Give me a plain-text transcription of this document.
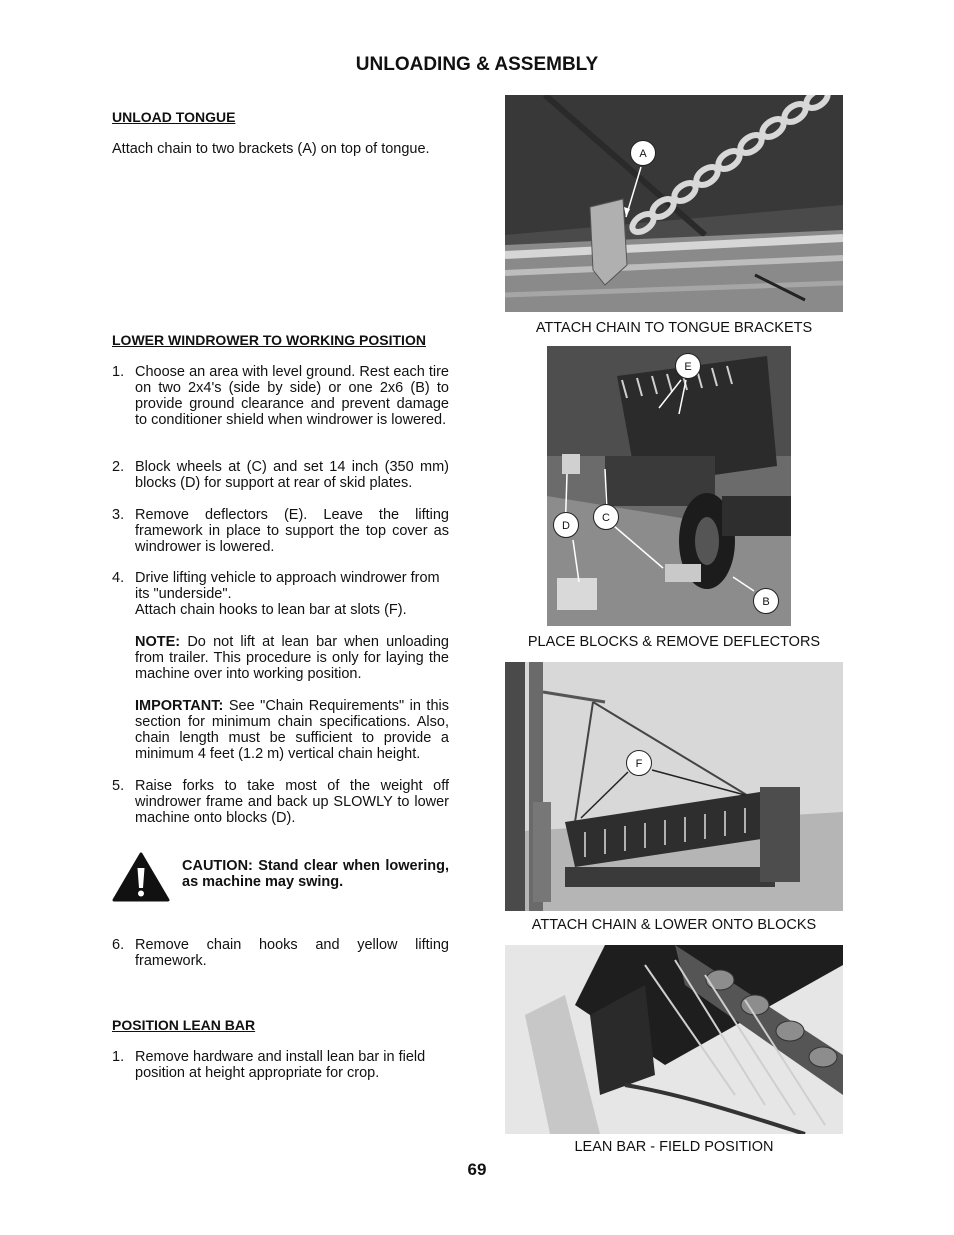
UNLOADING & ASSEMBLY
UNLOAD TONGUE
Attach chain to two brackets (A) on top of tongue.
LOWER WINDROWER TO WORKING POSITION
1. Choose an area with level ground. Rest each tire on two 2x4's (side by side) or one 2x6 (B) to provide ground clearance and prevent damage to conditioner shield when windrower is lowered.

2. Block wheels at (C) and set 14 inch (350 mm) blocks (D) for support at rear of skid plates.

3. Remove deflectors (E). Leave the lifting framework in place to support the top cover as windrower is lowered.

4. Drive lifting vehicle to approach windrower from its "underside".
Attach chain hooks to lean bar at slots (F).

NOTE: Do not lift at lean bar when unloading from trailer. This procedure is only for laying the machine over into working position.

IMPORTANT: See "Chain Requirements" in this section for minimum chain specifications. Also, chain length must be sufficient to provide a minimum 4 feet (1.2 m) vertical chain height.

5. Raise forks to take most of the weight off windrower frame and back up SLOWLY to lower machine onto blocks (D).

CAUTION: Stand clear when lowering, as machine may swing.
6. Remove chain hooks and yellow lifting framework.

POSITION LEAN BAR
1. Remove hardware and install lean bar in field position at height appropriate for crop.

A
ATTACH CHAIN TO TONGUE BRACKETS
E
D
C
B
PLACE BLOCKS & REMOVE DEFLECTORS
F
ATTACH CHAIN & LOWER ONTO BLOCKS
LEAN BAR - FIELD POSITION
69
